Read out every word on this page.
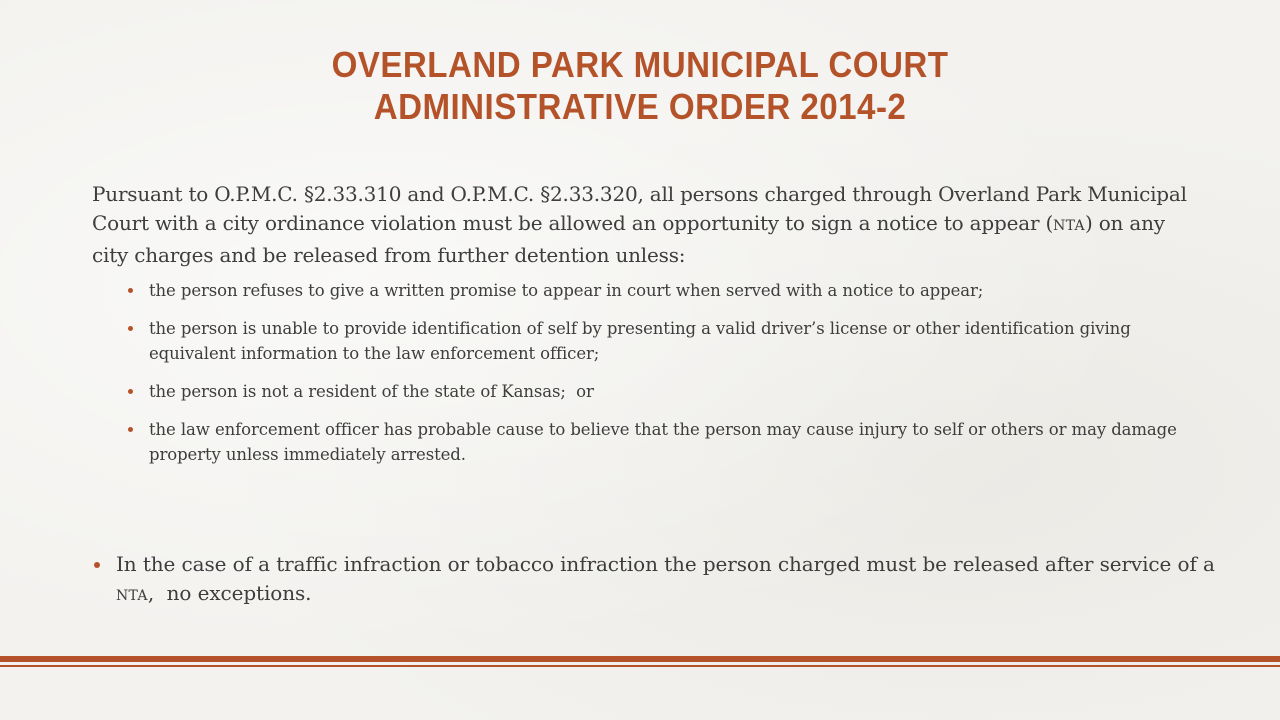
OVERLAND PARK MUNICIPAL COURT
ADMINISTRATIVE ORDER 2014-2

Pursuant to O.P.M.C. §2.33.310 and O.P.M.C. §2.33.320, all persons charged through Overland Park Municipal Court with a city ordinance violation must be allowed an opportunity to sign a notice to appear (NTA) on any city charges and be released from further detention unless:

the person refuses to give a written promise to appear in court when served with a notice to appear;
the person is unable to provide identification of self by presenting a valid driver’s license or other identification giving equivalent information to the law enforcement officer;
the person is not a resident of the state of Kansas;  or
the law enforcement officer has probable cause to believe that the person may cause injury to self or others or may damage property unless immediately arrested.

In the case of a traffic infraction or tobacco infraction the person charged must be released after service of a NTA,  no exceptions.
